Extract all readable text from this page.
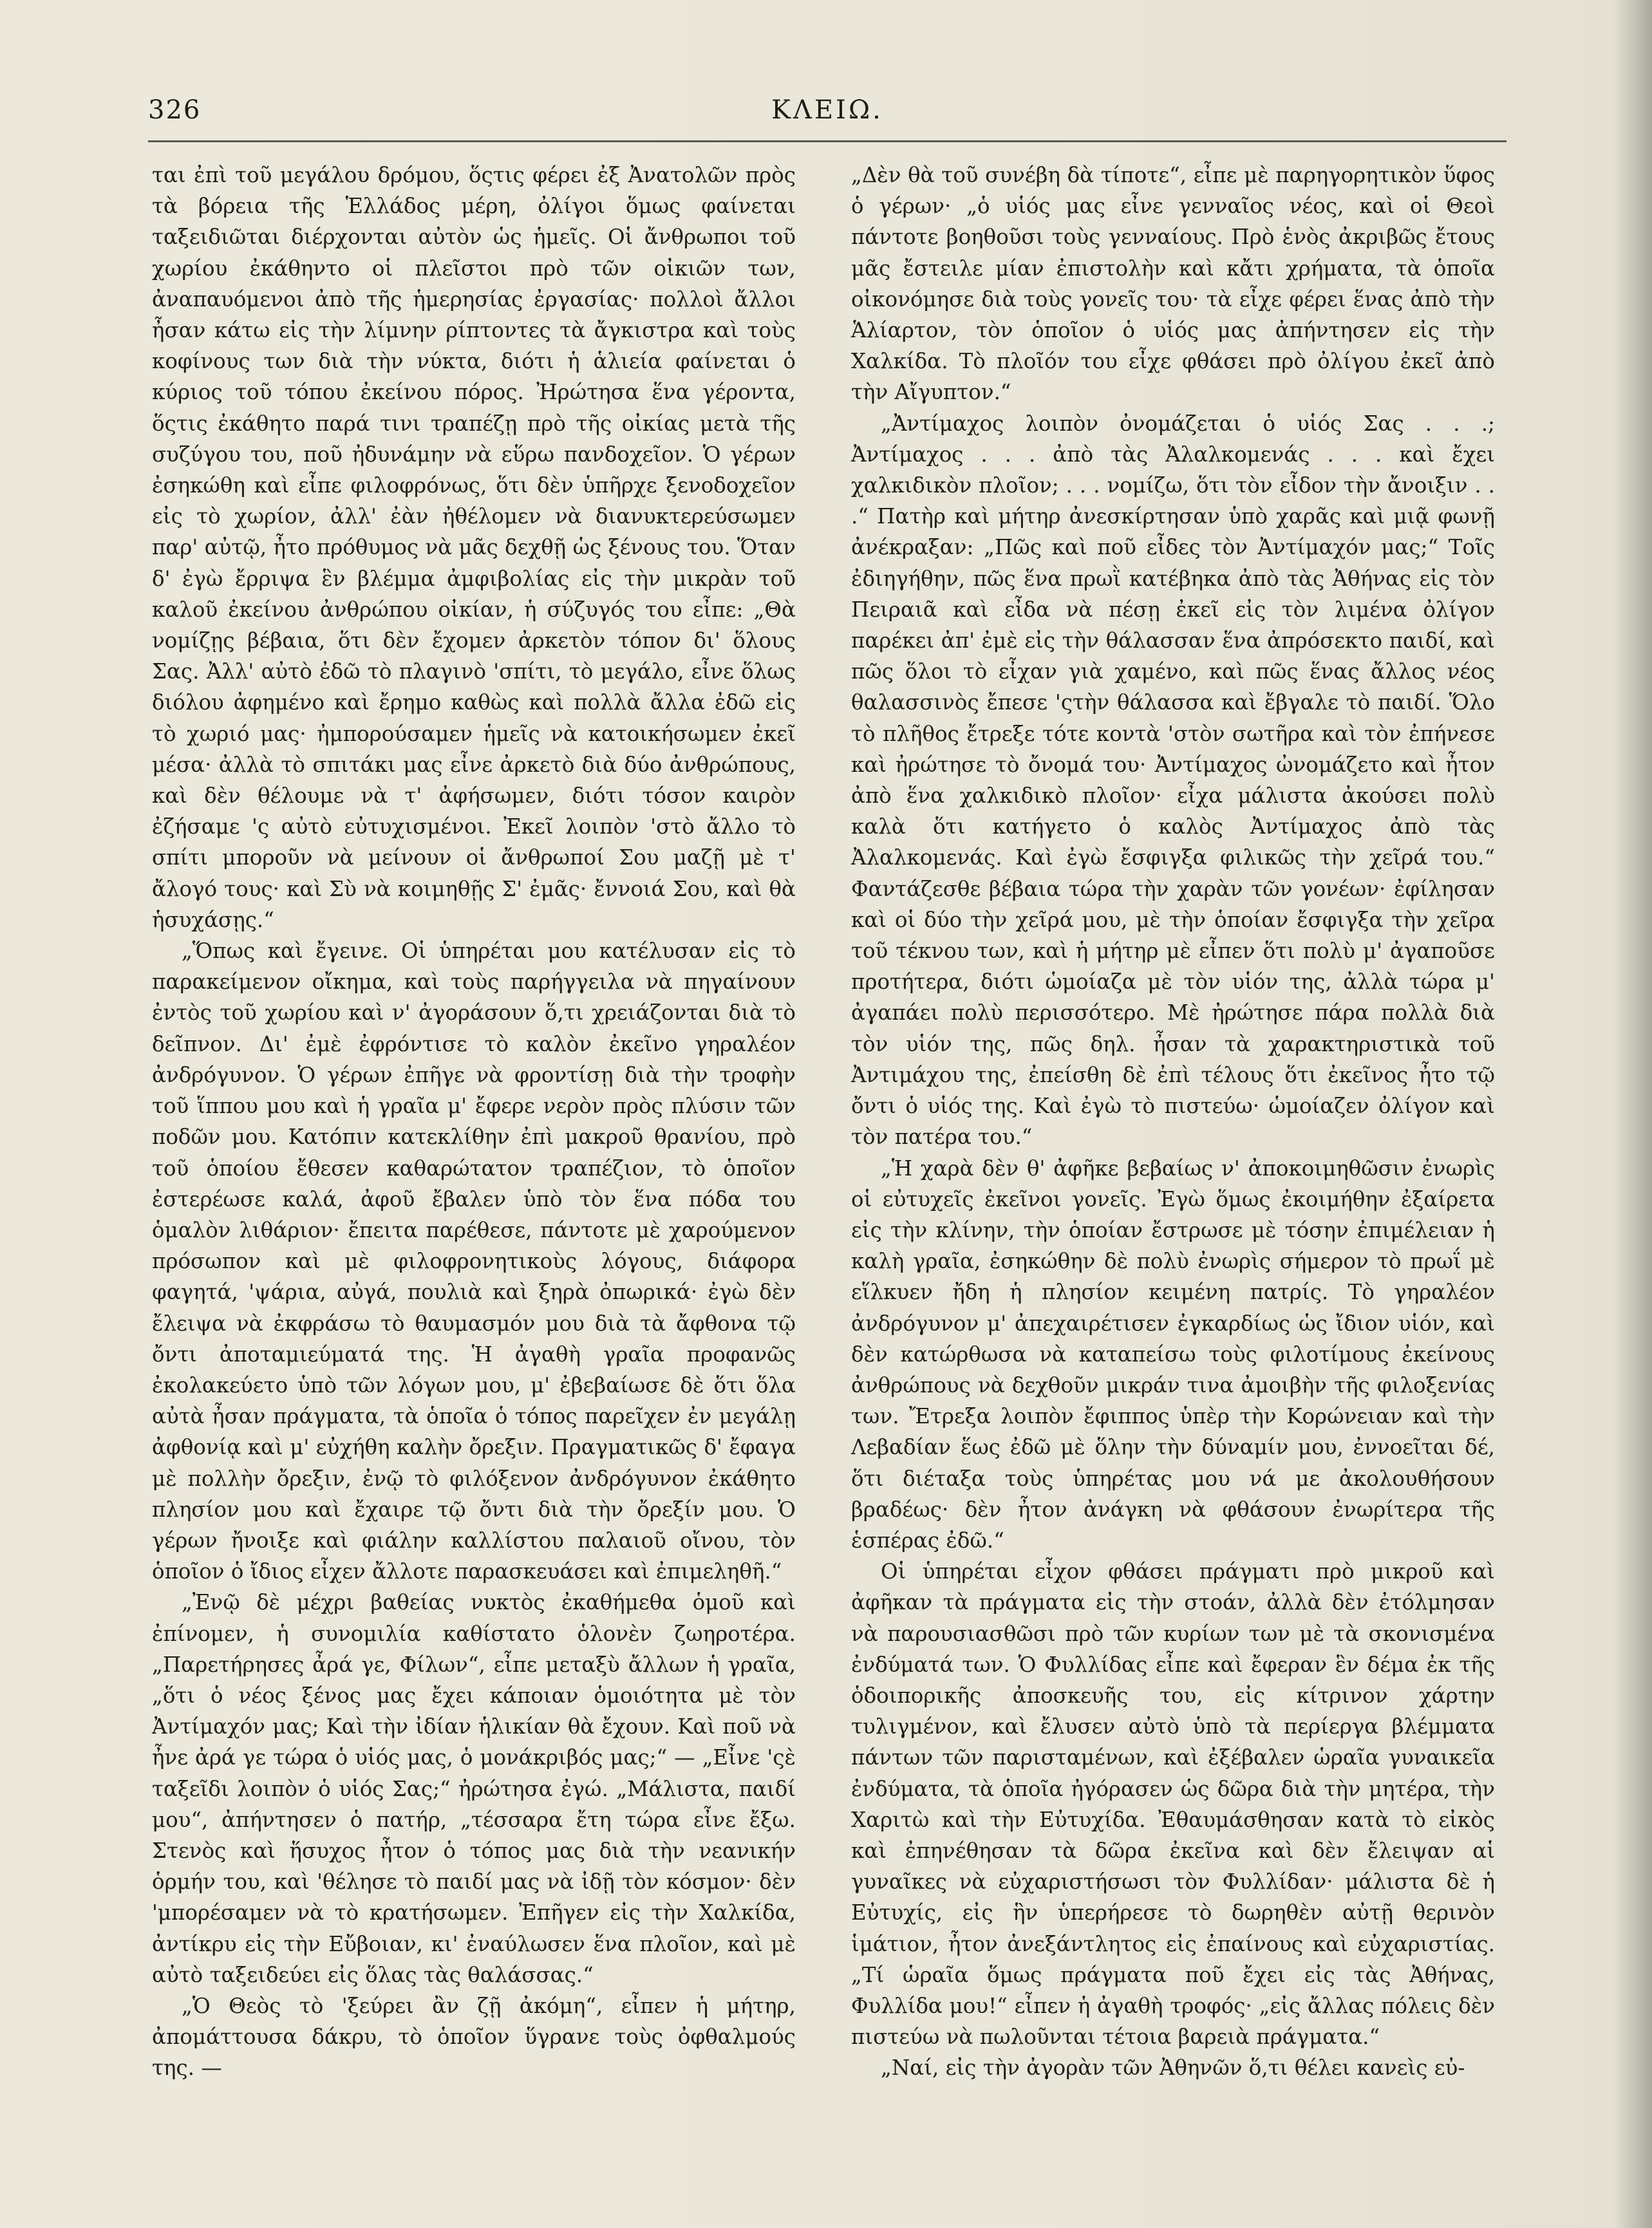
326	ΚΛΕΙΩ.

ται ἐπὶ τοῦ μεγάλου δρόμου, ὅςτις φέρει ἐξ Ἀνατολῶν πρὸς τὰ βόρεια τῆς Ἑλλάδος μέρη, ὀλίγοι ὅμως φαίνεται ταξειδιῶται διέρχονται αὐτὸν ὡς ἡμεῖς. Οἱ ἄνθρωποι τοῦ χωρίου ἐκάθηντο οἱ πλεῖστοι πρὸ τῶν οἰκιῶν των, ἀναπαυόμενοι ἀπὸ τῆς ἡμερησίας ἐργασίας· πολλοὶ ἄλλοι ἦσαν κάτω εἰς τὴν λίμνην ρίπτοντες τὰ ἄγκιστρα καὶ τοὺς κοφίνους των διὰ τὴν νύκτα, διότι ἡ ἁλιεία φαίνεται ὁ κύριος τοῦ τόπου ἐκείνου πόρος. Ἠρώτησα ἕνα γέροντα, ὅςτις ἐκάθητο παρά τινι τραπέζῃ πρὸ τῆς οἰκίας μετὰ τῆς συζύγου του, ποῦ ἠδυνάμην νὰ εὕρω πανδοχεῖον. Ὁ γέρων ἐσηκώθη καὶ εἶπε φιλοφρόνως, ὅτι δὲν ὑπῆρχε ξενοδοχεῖον εἰς τὸ χωρίον, ἀλλ' ἐὰν ἠθέλομεν νὰ διανυκτερεύσωμεν παρ' αὐτῷ, ἦτο πρόθυμος νὰ μᾶς δεχθῇ ὡς ξένους του. Ὅταν δ' ἐγὼ ἔρριψα ἓν βλέμμα ἀμφιβολίας εἰς τὴν μικρὰν τοῦ καλοῦ ἐκείνου ἀνθρώπου οἰκίαν, ἡ σύζυγός του εἶπε: „Θὰ νομίζῃς βέβαια, ὅτι δὲν ἔχομεν ἀρκετὸν τόπον δι' ὅλους Σας. Ἀλλ' αὐτὸ ἐδῶ τὸ πλαγινὸ 'σπίτι, τὸ μεγάλο, εἶνε ὅλως διόλου ἀφημένο καὶ ἔρημο καθὼς καὶ πολλὰ ἄλλα ἐδῶ εἰς τὸ χωριό μας· ἠμπορούσαμεν ἡμεῖς νὰ κατοικήσωμεν ἐκεῖ μέσα· ἀλλὰ τὸ σπιτάκι μας εἶνε ἀρκετὸ διὰ δύο ἀνθρώπους, καὶ δὲν θέλουμε νὰ τ' ἀφήσωμεν, διότι τόσον καιρὸν ἐζήσαμε 'ς αὐτὸ εὐτυχισμένοι. Ἐκεῖ λοιπὸν 'στὸ ἄλλο τὸ σπίτι μποροῦν νὰ μείνουν οἱ ἄνθρωποί Σου μαζῇ μὲ τ' ἄλογό τους· καὶ Σὺ νὰ κοιμηθῇς Σ' ἐμᾶς· ἔννοιά Σου, καὶ θὰ ἡσυχάσῃς.“

„Ὅπως καὶ ἔγεινε. Οἱ ὑπηρέται μου κατέλυσαν εἰς τὸ παρακείμενον οἴκημα, καὶ τοὺς παρήγγειλα νὰ πηγαίνουν ἐντὸς τοῦ χωρίου καὶ ν' ἀγοράσουν ὅ,τι χρειάζονται διὰ τὸ δεῖπνον. Δι' ἐμὲ ἐφρόντισε τὸ καλὸν ἐκεῖνο γηραλέον ἀνδρόγυνον. Ὁ γέρων ἐπῆγε νὰ φροντίσῃ διὰ τὴν τροφὴν τοῦ ἵππου μου καὶ ἡ γραῖα μ' ἔφερε νερὸν πρὸς πλύσιν τῶν ποδῶν μου. Κατόπιν κατεκλίθην ἐπὶ μακροῦ θρανίου, πρὸ τοῦ ὁποίου ἔθεσεν καθαρώτατον τραπέζιον, τὸ ὁποῖον ἐστερέωσε καλά, ἀφοῦ ἔβαλεν ὑπὸ τὸν ἕνα πόδα του ὁμαλὸν λιθάριον· ἔπειτα παρέθεσε, πάντοτε μὲ χαρούμενον πρόσωπον καὶ μὲ φιλοφρονητικοὺς λόγους, διάφορα φαγητά, 'ψάρια, αὐγά, πουλιὰ καὶ ξηρὰ ὀπωρικά· ἐγὼ δὲν ἔλειψα νὰ ἐκφράσω τὸ θαυμασμόν μου διὰ τὰ ἄφθονα τῷ ὄντι ἀποταμιεύματά της. Ἡ ἀγαθὴ γραῖα προφανῶς ἐκολακεύετο ὑπὸ τῶν λόγων μου, μ' ἐβεβαίωσε δὲ ὅτι ὅλα αὐτὰ ἦσαν πράγματα, τὰ ὁποῖα ὁ τόπος παρεῖχεν ἐν μεγάλῃ ἀφθονίᾳ καὶ μ' εὐχήθη καλὴν ὄρεξιν. Πραγματικῶς δ' ἔφαγα μὲ πολλὴν ὄρεξιν, ἐνῷ τὸ φιλόξενον ἀνδρόγυνον ἐκάθητο πλησίον μου καὶ ἔχαιρε τῷ ὄντι διὰ τὴν ὄρεξίν μου. Ὁ γέρων ἤνοιξε καὶ φιάλην καλλίστου παλαιοῦ οἴνου, τὸν ὁποῖον ὁ ἴδιος εἶχεν ἄλλοτε παρασκευάσει καὶ ἐπιμεληθῆ.“

„Ἐνῷ δὲ μέχρι βαθείας νυκτὸς ἐκαθήμεθα ὁμοῦ καὶ ἐπίνομεν, ἡ συνομιλία καθίστατο ὁλονὲν ζωηροτέρα. „Παρετήρησες ἆρά γε, Φίλων“, εἶπε μεταξὺ ἄλλων ἡ γραῖα, „ὅτι ὁ νέος ξένος μας ἔχει κάποιαν ὁμοιότητα μὲ τὸν Ἀντίμαχόν μας; Καὶ τὴν ἰδίαν ἡλικίαν θὰ ἔχουν. Καὶ ποῦ νὰ ἦνε ἀρά γε τώρα ὁ υἱός μας, ὁ μονάκριβός μας;“ — „Εἶνε 'ςὲ ταξεῖδι λοιπὸν ὁ υἱός Σας;“ ἠρώτησα ἐγώ. „Μάλιστα, παιδί μου“, ἀπήντησεν ὁ πατήρ, „τέσσαρα ἔτη τώρα εἶνε ἔξω. Στενὸς καὶ ἥσυχος ἦτον ὁ τόπος μας διὰ τὴν νεανικήν ὁρμήν του, καὶ 'θέλησε τὸ παιδί μας νὰ ἰδῇ τὸν κόσμον· δὲν 'μπορέσαμεν νὰ τὸ κρατήσωμεν. Ἐπῆγεν εἰς τὴν Χαλκίδα, ἀντίκρυ εἰς τὴν Εὔβοιαν, κι' ἐναύλωσεν ἕνα πλοῖον, καὶ μὲ αὐτὸ ταξειδεύει εἰς ὅλας τὰς θαλάσσας.“

„Ὁ Θεὸς τὸ 'ξεύρει ἂν ζῇ ἀκόμη“, εἶπεν ἡ μήτηρ, ἀπομάττουσα δάκρυ, τὸ ὁποῖον ὕγρανε τοὺς ὀφθαλμούς της. —

„Δὲν θὰ τοῦ συνέβη δὰ τίποτε“, εἶπε μὲ παρηγορητικὸν ὕφος ὁ γέρων· „ὁ υἱός μας εἶνε γενναῖος νέος, καὶ οἱ Θεοὶ πάντοτε βοηθοῦσι τοὺς γενναίους. Πρὸ ἑνὸς ἀκριβῶς ἔτους μᾶς ἔστειλε μίαν ἐπιστολὴν καὶ κἄτι χρήματα, τὰ ὁποῖα οἰκονόμησε διὰ τοὺς γονεῖς του· τὰ εἶχε φέρει ἕνας ἀπὸ τὴν Ἁλίαρτον, τὸν ὁποῖον ὁ υἱός μας ἀπήντησεν εἰς τὴν Χαλκίδα. Τὸ πλοῖόν του εἶχε φθάσει πρὸ ὀλίγου ἐκεῖ ἀπὸ τὴν Αἴγυπτον.“

„Ἀντίμαχος λοιπὸν ὀνομάζεται ὁ υἱός Σας . . .; Ἀντίμαχος . . . ἀπὸ τὰς Ἀλαλκομενάς . . . καὶ ἔχει χαλκιδικὸν πλοῖον; . . . νομίζω, ὅτι τὸν εἶδον τὴν ἄνοιξιν . . .“ Πατὴρ καὶ μήτηρ ἀνεσκίρτησαν ὑπὸ χαρᾶς καὶ μιᾷ φωνῇ ἀνέκραξαν: „Πῶς καὶ ποῦ εἶδες τὸν Ἀντίμαχόν μας;“ Τοῖς ἐδιηγήθην, πῶς ἕνα πρωῒ κατέβηκα ἀπὸ τὰς Ἀθήνας εἰς τὸν Πειραιᾶ καὶ εἶδα νὰ πέσῃ ἐκεῖ εἰς τὸν λιμένα ὀλίγον παρέκει ἀπ' ἐμὲ εἰς τὴν θάλασσαν ἕνα ἀπρόσεκτο παιδί, καὶ πῶς ὅλοι τὸ εἶχαν γιὰ χαμένο, καὶ πῶς ἕνας ἄλλος νέος θαλασσινὸς ἔπεσε 'ςτὴν θάλασσα καὶ ἔβγαλε τὸ παιδί. Ὅλο τὸ πλῆθος ἔτρεξε τότε κοντὰ 'στὸν σωτῆρα καὶ τὸν ἐπήνεσε καὶ ἠρώτησε τὸ ὄνομά του· Ἀντίμαχος ὠνομάζετο καὶ ἦτον ἀπὸ ἕνα χαλκιδικὸ πλοῖον· εἶχα μάλιστα ἀκούσει πολὺ καλὰ ὅτι κατήγετο ὁ καλὸς Ἀντίμαχος ἀπὸ τὰς Ἀλαλκομενάς. Καὶ ἐγὼ ἔσφιγξα φιλικῶς τὴν χεῖρά του.“ Φαντάζεσθε βέβαια τώρα τὴν χαρὰν τῶν γονέων· ἐφίλησαν καὶ οἱ δύο τὴν χεῖρά μου, μὲ τὴν ὁποίαν ἔσφιγξα τὴν χεῖρα τοῦ τέκνου των, καὶ ἡ μήτηρ μὲ εἶπεν ὅτι πολὺ μ' ἀγαποῦσε προτήτερα, διότι ὡμοίαζα μὲ τὸν υἱόν της, ἀλλὰ τώρα μ' ἀγαπάει πολὺ περισσότερο. Μὲ ἠρώτησε πάρα πολλὰ διὰ τὸν υἱόν της, πῶς δηλ. ἦσαν τὰ χαρακτηριστικὰ τοῦ Ἀντιμάχου της, ἐπείσθη δὲ ἐπὶ τέλους ὅτι ἐκεῖνος ἦτο τῷ ὄντι ὁ υἱός της. Καὶ ἐγὼ τὸ πιστεύω· ὡμοίαζεν ὀλίγον καὶ τὸν πατέρα του.“

„Ἡ χαρὰ δὲν θ' ἀφῆκε βεβαίως ν' ἀποκοιμηθῶσιν ἐνωρὶς οἱ εὐτυχεῖς ἐκεῖνοι γονεῖς. Ἐγὼ ὅμως ἐκοιμήθην ἐξαίρετα εἰς τὴν κλίνην, τὴν ὁποίαν ἔστρωσε μὲ τόσην ἐπιμέλειαν ἡ καλὴ γραῖα, ἐσηκώθην δὲ πολὺ ἐνωρὶς σήμερον τὸ πρωΐ μὲ εἵλκυεν ἤδη ἡ πλησίον κειμένη πατρίς. Τὸ γηραλέον ἀνδρόγυνον μ' ἀπεχαιρέτισεν ἐγκαρδίως ὡς ἴδιον υἱόν, καὶ δὲν κατώρθωσα νὰ καταπείσω τοὺς φιλοτίμους ἐκείνους ἀνθρώπους νὰ δεχθοῦν μικράν τινα ἀμοιβὴν τῆς φιλοξενίας των. Ἔτρεξα λοιπὸν ἔφιππος ὑπὲρ τὴν Κορώνειαν καὶ τὴν Λεβαδίαν ἕως ἐδῶ μὲ ὅλην τὴν δύναμίν μου, ἐννοεῖται δέ, ὅτι διέταξα τοὺς ὑπηρέτας μου νά με ἀκολουθήσουν βραδέως· δὲν ἦτον ἀνάγκη νὰ φθάσουν ἐνωρίτερα τῆς ἑσπέρας ἐδῶ.“

Οἱ ὑπηρέται εἶχον φθάσει πράγματι πρὸ μικροῦ καὶ ἀφῆκαν τὰ πράγματα εἰς τὴν στοάν, ἀλλὰ δὲν ἐτόλμησαν νὰ παρουσιασθῶσι πρὸ τῶν κυρίων των μὲ τὰ σκονισμένα ἐνδύματά των. Ὁ Φυλλίδας εἶπε καὶ ἔφεραν ἓν δέμα ἐκ τῆς ὁδοιπορικῆς ἀποσκευῆς του, εἰς κίτρινον χάρτην τυλιγμένον, καὶ ἔλυσεν αὐτὸ ὑπὸ τὰ περίεργα βλέμματα πάντων τῶν παρισταμένων, καὶ ἐξέβαλεν ὡραῖα γυναικεῖα ἐνδύματα, τὰ ὁποῖα ἠγόρασεν ὡς δῶρα διὰ τὴν μητέρα, τὴν Χαριτὼ καὶ τὴν Εὐτυχίδα. Ἐθαυμάσθησαν κατὰ τὸ εἰκὸς καὶ ἐπηνέθησαν τὰ δῶρα ἐκεῖνα καὶ δὲν ἔλειψαν αἱ γυναῖκες νὰ εὐχαριστήσωσι τὸν Φυλλίδαν· μάλιστα δὲ ἡ Εὐτυχίς, εἰς ἣν ὑπερήρεσε τὸ δωρηθὲν αὐτῇ θερινὸν ἱμάτιον, ἦτον ἀνεξάντλητος εἰς ἐπαίνους καὶ εὐχαριστίας. „Τί ὡραῖα ὅμως πράγματα ποῦ ἔχει εἰς τὰς Ἀθήνας, Φυλλίδα μου!“ εἶπεν ἡ ἀγαθὴ τροφός· „εἰς ἄλλας πόλεις δὲν πιστεύω νὰ πωλοῦνται τέτοια βαρειὰ πράγματα.“

„Ναί, εἰς τὴν ἀγορὰν τῶν Ἀθηνῶν ὅ,τι θέλει κανεὶς εὐ-
